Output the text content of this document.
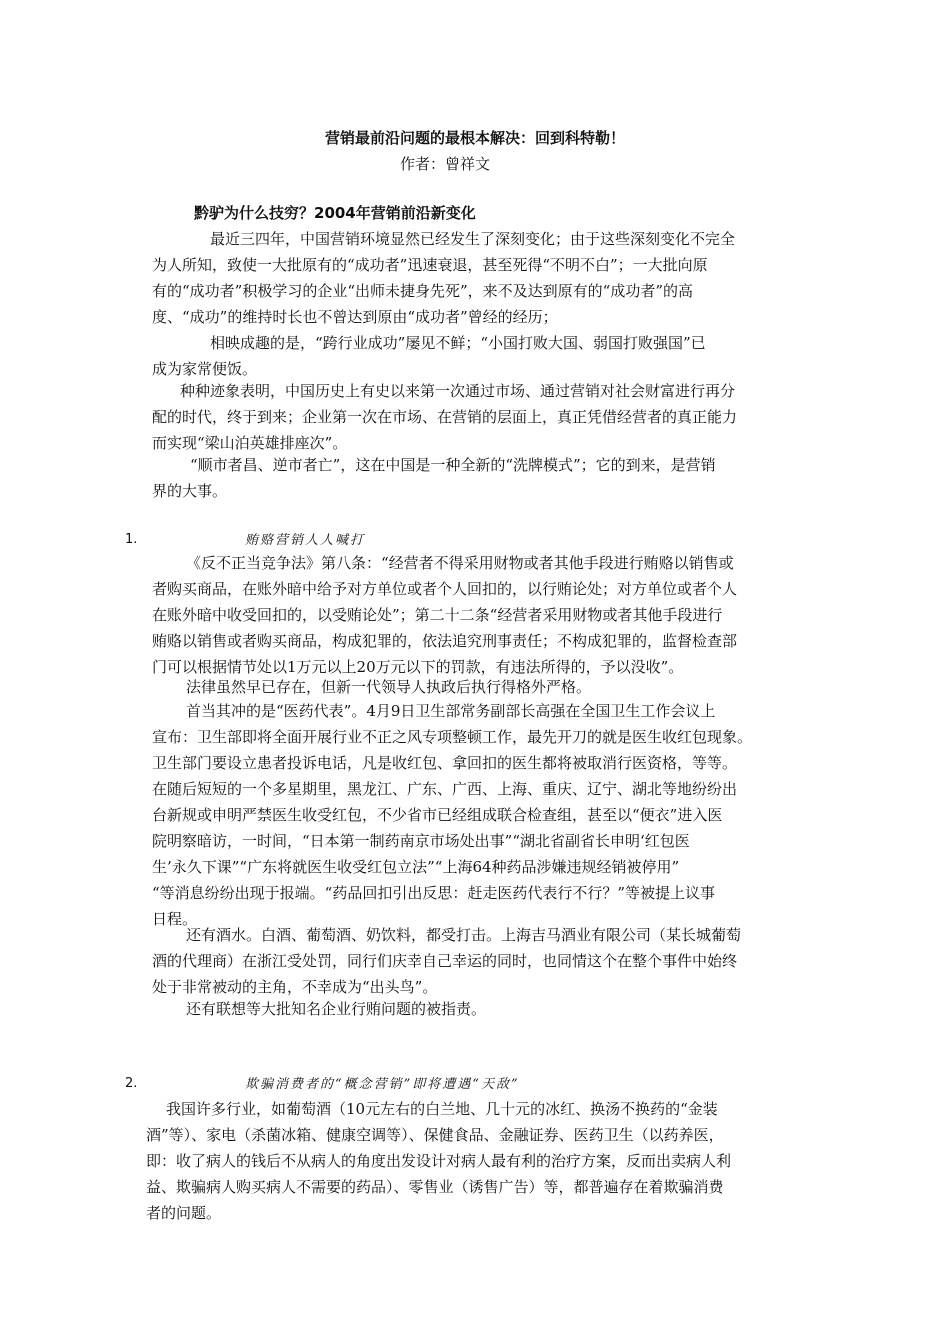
营销最前沿问题的最根本解决：回到科特勒！
作者：曾祥文
黔驴为什么技穷？2004年营销前沿新变化

最近三四年，中国营销环境显然已经发生了深刻变化；由于这些深刻变化不完全
为人所知，致使一大批原有的“成功者”迅速衰退，甚至死得“不明不白”；一大批向原
有的“成功者”积极学习的企业“出师未捷身先死”，来不及达到原有的“成功者”的高
度、“成功”的维持时长也不曾达到原由“成功者”曾经的经历；

相映成趣的是，“跨行业成功”屡见不鲜；“小国打败大国、弱国打败强国”已
成为家常便饭。

种种迹象表明，中国历史上有史以来第一次通过市场、通过营销对社会财富进行再分
配的时代，终于到来；企业第一次在市场、在营销的层面上，真正凭借经营者的真正能力
而实现“梁山泊英雄排座次”。

“顺市者昌、逆市者亡”，这在中国是一种全新的“洗牌模式”；它的到来，是营销
界的大事。

1.	贿赂营销人人喊打

《反不正当竞争法》第八条：“经营者不得采用财物或者其他手段进行贿赂以销售或
者购买商品，在账外暗中给予对方单位或者个人回扣的，以行贿论处；对方单位或者个人
在账外暗中收受回扣的，以受贿论处”；第二十二条“经营者采用财物或者其他手段进行
贿赂以销售或者购买商品，构成犯罪的，依法追究刑事责任；不构成犯罪的，监督检查部
门可以根据情节处以1万元以上20万元以下的罚款，有违法所得的，予以没收”。

法律虽然早已存在，但新一代领导人执政后执行得格外严格。

首当其冲的是“医药代表”。4月9日卫生部常务副部长高强在全国卫生工作会议上
宣布：卫生部即将全面开展行业不正之风专项整顿工作，最先开刀的就是医生收红包现象。
卫生部门要设立患者投诉电话，凡是收红包、拿回扣的医生都将被取消行医资格，等等。
在随后短短的一个多星期里，黑龙江、广东、广西、上海、重庆、辽宁、湖北等地纷纷出
台新规或申明严禁医生收受红包，不少省市已经组成联合检查组，甚至以“便衣”进入医
院明察暗访，一时间，“日本第一制药南京市场处出事”“湖北省副省长申明‘红包医
生’永久下课”“广东将就医生收受红包立法”“上海64种药品涉嫌违规经销被停用”
“等消息纷纷出现于报端。“药品回扣引出反思：赶走医药代表行不行？”等被提上议事
日程。

还有酒水。白酒、葡萄酒、奶饮料，都受打击。上海吉马酒业有限公司（某长城葡萄
酒的代理商）在浙江受处罚，同行们庆幸自己幸运的同时，也同情这个在整个事件中始终
处于非常被动的主角，不幸成为“出头鸟”。

还有联想等大批知名企业行贿问题的被指责。

2.	欺骗消费者的“概念营销”即将遭遇“天敌”

我国许多行业，如葡萄酒（10元左右的白兰地、几十元的冰红、换汤不换药的“金装
酒”等）、家电（杀菌冰箱、健康空调等）、保健食品、金融证券、医药卫生（以药养医，
即：收了病人的钱后不从病人的角度出发设计对病人最有利的治疗方案，反而出卖病人利
益、欺骗病人购买病人不需要的药品）、零售业（诱售广告）等，都普遍存在着欺骗消费
者的问题。
